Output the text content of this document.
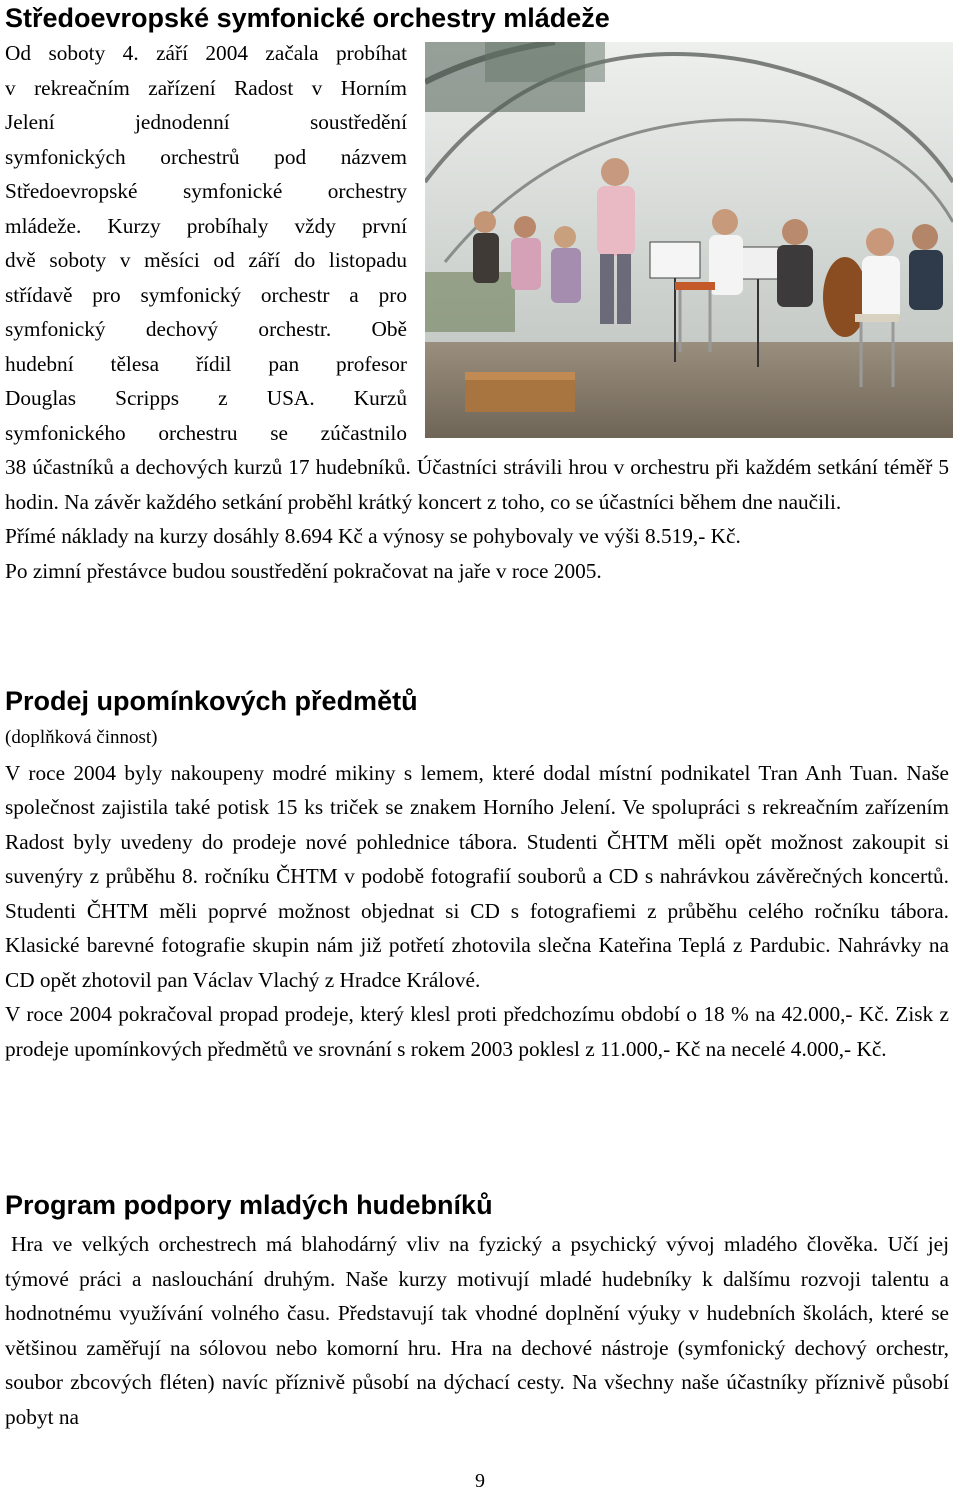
Středoevropské symfonické orchestry mládeže

Od soboty 4. září 2004 začala probíhat

v rekreačním zařízení Radost v Horním

Jelení jednodenní soustředění

symfonických orchestrů pod názvem

Středoevropské symfonické orchestry

mládeže. Kurzy probíhaly vždy první

dvě soboty v měsíci od září do listopadu

střídavě pro symfonický orchestr a pro

symfonický dechový orchestr. Obě

hudební tělesa řídil pan profesor

Douglas Scripps z USA. Kurzů

symfonického orchestru se zúčastnilo

38 účastníků a dechových kurzů 17 hudebníků. Účastníci strávili hrou v orchestru při každém setkání téměř 5 hodin. Na závěr každého setkání proběhl krátký koncert z toho, co se účastníci během dne naučili.

Přímé náklady na kurzy dosáhly 8.694 Kč a výnosy se pohybovaly ve výši 8.519,- Kč.

Po zimní přestávce budou soustředění pokračovat na jaře v roce 2005.

Prodej upomínkových předmětů

(doplňková činnost)

V roce 2004 byly nakoupeny modré mikiny s lemem, které dodal místní podnikatel Tran Anh Tuan. Naše společnost zajistila také potisk 15 ks triček se znakem Horního Jelení. Ve spolupráci s rekreačním zařízením Radost byly uvedeny do prodeje nové pohlednice tábora. Studenti ČHTM měli opět možnost zakoupit si suvenýry z průběhu 8. ročníku ČHTM v podobě fotografií souborů a CD s nahrávkou závěrečných koncertů. Studenti ČHTM měli poprvé možnost objednat si CD s fotografiemi z průběhu celého ročníku tábora. Klasické barevné fotografie skupin nám již potřetí zhotovila slečna Kateřina Teplá z Pardubic. Nahrávky na CD opět zhotovil pan Václav Vlachý z Hradce Králové.

V roce 2004 pokračoval propad prodeje, který klesl proti předchozímu období o 18 % na 42.000,- Kč. Zisk z prodeje upomínkových předmětů ve srovnání s rokem 2003 poklesl z 11.000,- Kč na necelé 4.000,- Kč.

Program podpory mladých hudebníků

Hra ve velkých orchestrech má blahodárný vliv na fyzický a psychický vývoj mladého člověka. Učí jej týmové práci a naslouchání druhým. Naše kurzy motivují mladé hudebníky k dalšímu rozvoji talentu a hodnotnému využívání volného času. Představují tak vhodné doplnění výuky v hudebních školách, které se většinou zaměřují na sólovou nebo komorní hru. Hra na dechové nástroje (symfonický dechový orchestr, soubor zbcových fléten) navíc příznivě působí na dýchací cesty. Na všechny naše účastníky příznivě působí pobyt na

9
